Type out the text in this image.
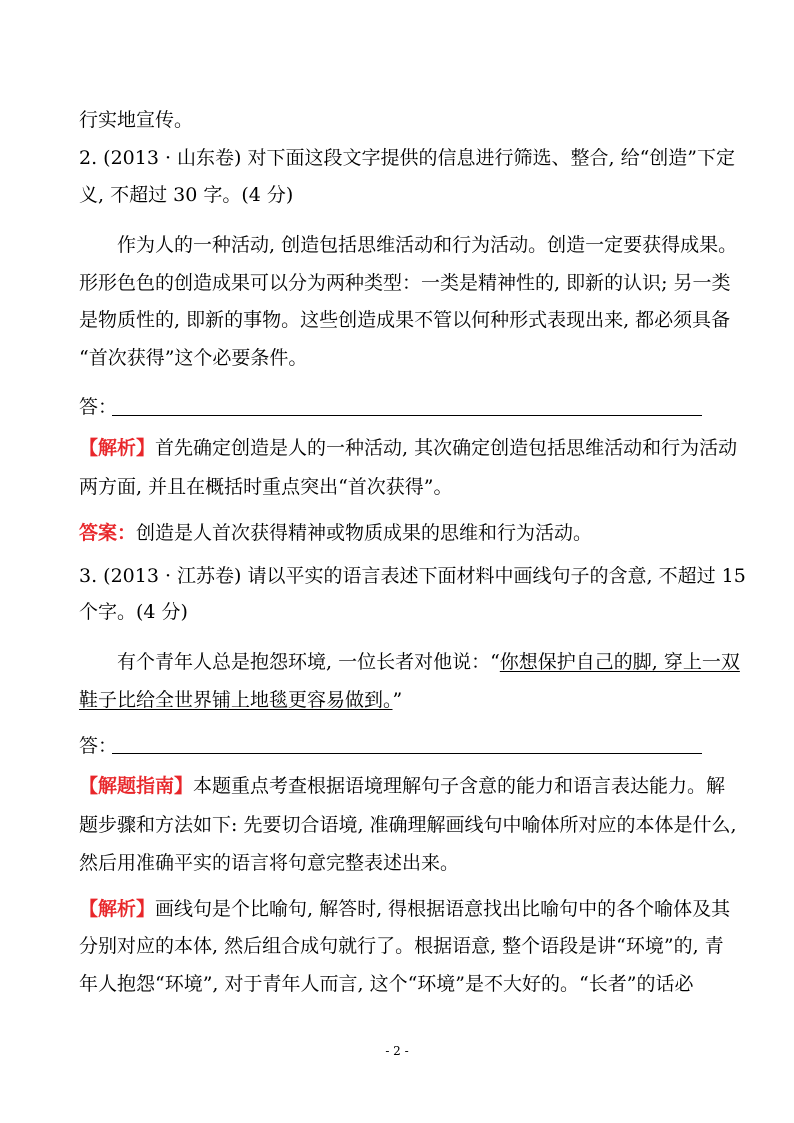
行实地宣传。
2. (2013 · 山东卷) 对下面这段文字提供的信息进行筛选、整合, 给“创造”下定
义, 不超过 30 字。(4 分)
作为人的一种活动, 创造包括思维活动和行为活动。创造一定要获得成果。
形形色色的创造成果可以分为两种类型：一类是精神性的, 即新的认识; 另一类
是物质性的, 即新的事物。这些创造成果不管以何种形式表现出来, 都必须具备
“首次获得”这个必要条件。
答：
【解析】首先确定创造是人的一种活动, 其次确定创造包括思维活动和行为活动
两方面, 并且在概括时重点突出“首次获得”。
答案：创造是人首次获得精神或物质成果的思维和行为活动。
3. (2013 · 江苏卷) 请以平实的语言表述下面材料中画线句子的含意, 不超过 15
个字。(4 分)
有个青年人总是抱怨环境, 一位长者对他说：“你想保护自己的脚, 穿上一双
鞋子比给全世界铺上地毯更容易做到。”
答：
【解题指南】本题重点考查根据语境理解句子含意的能力和语言表达能力。解
题步骤和方法如下: 先要切合语境, 准确理解画线句中喻体所对应的本体是什么,
然后用准确平实的语言将句意完整表述出来。
【解析】画线句是个比喻句, 解答时, 得根据语意找出比喻句中的各个喻体及其
分别对应的本体, 然后组合成句就行了。根据语意, 整个语段是讲“环境”的, 青
年人抱怨“环境”, 对于青年人而言, 这个“环境”是不大好的。“长者”的话必
- 2 -
